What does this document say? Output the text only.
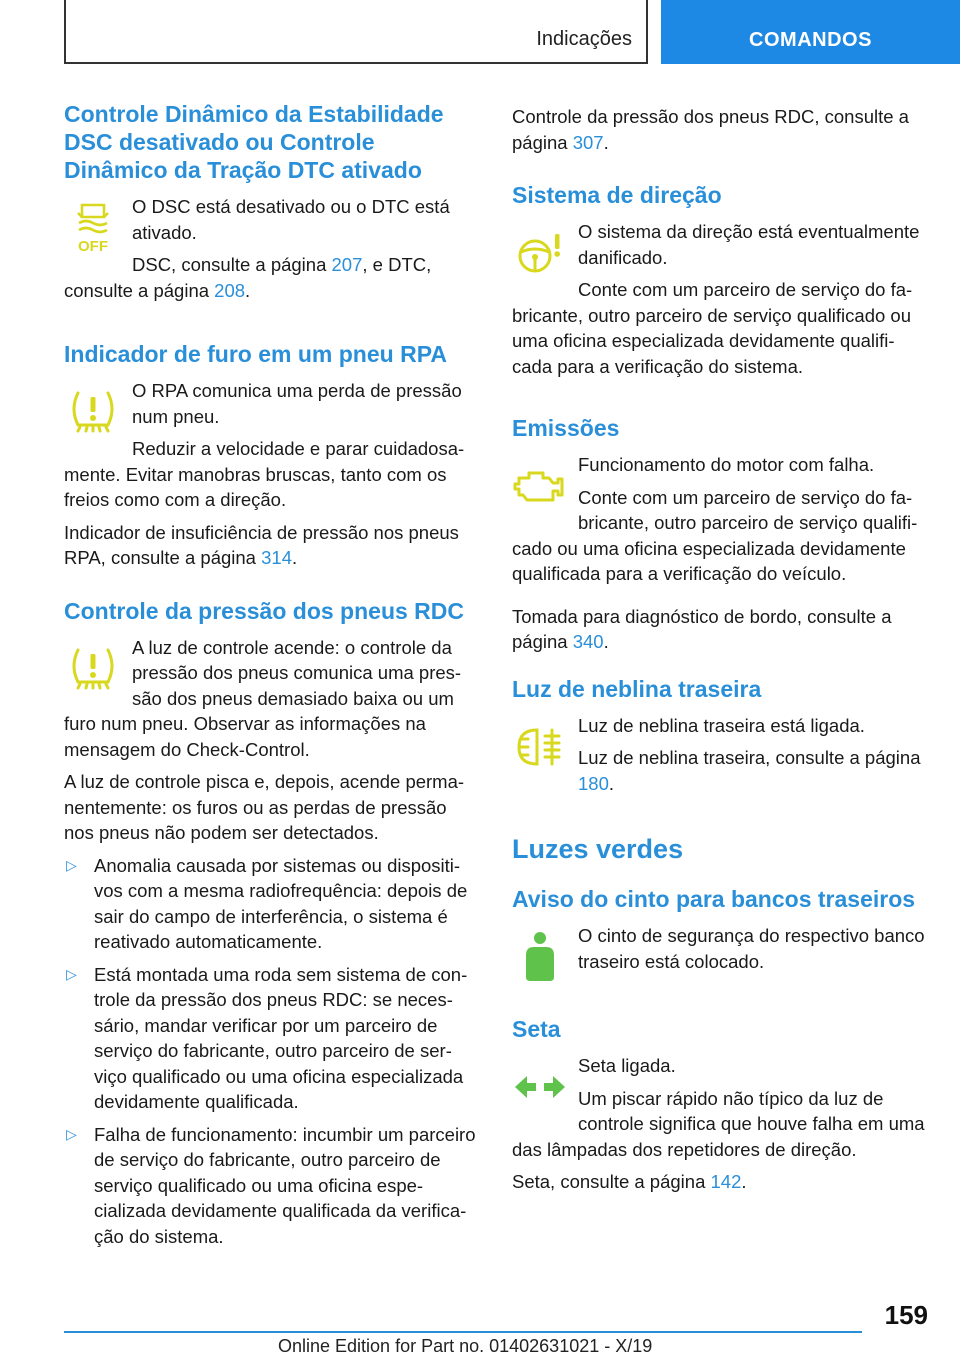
Indicações	COMANDOS
Controle Dinâmico da Estabilidade DSC desativado ou Controle Dinâmico da Tração DTC ativado
OFF

O DSC está desativado ou o DTC está ativado.

DSC, consulte a página 207, e DTC, consulte a página 208.

Indicador de furo em um pneu RPA

O RPA comunica uma perda de pressão num pneu.

Reduzir a velocidade e parar cuidadosamente. Evitar manobras bruscas, tanto com os freios como com a direção.

Indicador de insuficiência de pressão nos pneus RPA, consulte a página 314.

Controle da pressão dos pneus RDC

A luz de controle acende: o controle da pressão dos pneus comunica uma pressão dos pneus demasiado baixa ou um furo num pneu. Observar as informações na mensagem do Check-Control.

A luz de controle pisca e, depois, acende permanentemente: os furos ou as perdas de pressão nos pneus não podem ser detectados.

▷ Anomalia causada por sistemas ou dispositivos com a mesma radiofrequência: depois de sair do campo de interferência, o sistema é reativado automaticamente.
▷ Está montada uma roda sem sistema de controle da pressão dos pneus RDC: se necessário, mandar verificar por um parceiro de serviço do fabricante, outro parceiro de serviço qualificado ou uma oficina especializada devidamente qualificada.
▷ Falha de funcionamento: incumbir um parceiro de serviço do fabricante, outro parceiro de serviço qualificado ou uma oficina especializada devidamente qualificada da verificação do sistema.

Controle da pressão dos pneus RDC, consulte a página 307.

Sistema de direção

O sistema da direção está eventualmente danificado.

Conte com um parceiro de serviço do fabricante, outro parceiro de serviço qualificado ou uma oficina especializada devidamente qualificada para a verificação do sistema.

Emissões

Funcionamento do motor com falha.

Conte com um parceiro de serviço do fabricante, outro parceiro de serviço qualificado ou uma oficina especializada devidamente qualificada para a verificação do veículo.

Tomada para diagnóstico de bordo, consulte a página 340.

Luz de neblina traseira

Luz de neblina traseira está ligada.

Luz de neblina traseira, consulte a página 180.

Luzes verdes
Aviso do cinto para bancos traseiros

O cinto de segurança do respectivo banco traseiro está colocado.

Seta

Seta ligada.

Um piscar rápido não típico da luz de controle significa que houve falha em uma das lâmpadas dos repetidores de direção.

Seta, consulte a página 142.

159
Online Edition for Part no. 01402631021 - X/19
